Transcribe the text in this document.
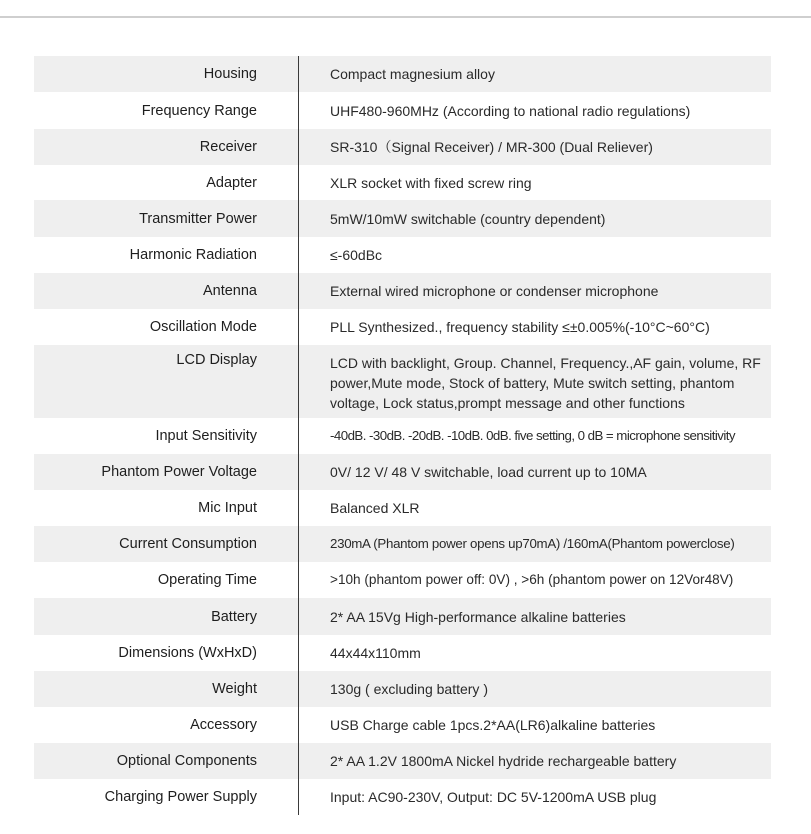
Housing	Compact magnesium alloy
Frequency Range	UHF480-960MHz (According to national radio regulations)
Receiver	SR-310（Signal Receiver) / MR-300 (Dual Reliever)
Adapter	XLR socket with fixed screw ring
Transmitter Power	5mW/10mW switchable (country dependent)
Harmonic Radiation	≤-60dBc
Antenna	External wired microphone or condenser microphone
Oscillation Mode	PLL Synthesized., frequency stability ≤±0.005%(-10°C~60°C)
LCD Display	LCD with backlight, Group. Channel, Frequency.,AF gain, volume, RF power,Mute mode, Stock of battery, Mute switch setting, phantom voltage, Lock status,prompt message and other functions
Input Sensitivity	-40dB. -30dB. -20dB. -10dB. 0dB. five setting, 0 dB = microphone sensitivity
Phantom Power Voltage	0V/ 12 V/ 48 V switchable, load current up to 10MA
Mic Input	Balanced XLR
Current Consumption	230mA (Phantom power opens up70mA) /160mA(Phantom powerclose)
Operating Time	>10h (phantom power off: 0V) , >6h (phantom power on 12Vor48V)
Battery	2* AA 15Vg High-performance alkaline batteries
Dimensions (WxHxD)	44x44x110mm
Weight	130g ( excluding battery )
Accessory	USB Charge cable 1pcs.2*AA(LR6)alkaline batteries
Optional Components	2* AA 1.2V 1800mA Nickel hydride rechargeable battery
Charging Power Supply	Input: AC90-230V, Output: DC 5V-1200mA USB plug
